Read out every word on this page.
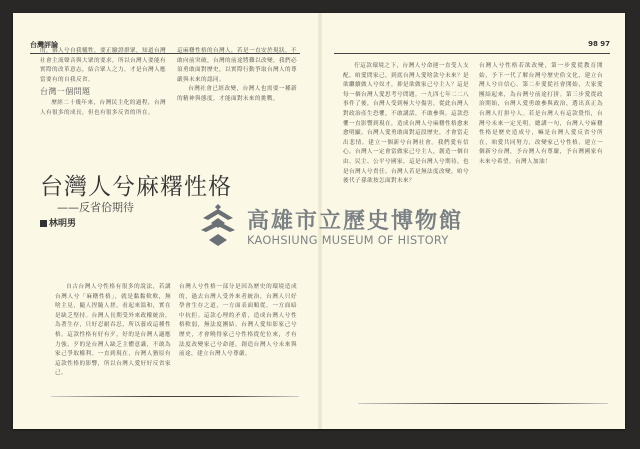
台灣評論

的，個人兮自我犧牲，要正驗證群眾，知道台灣社會主流聲音與大眾的要求，所以台灣人要能有實際的改革意志，結合眾人之力，才是台灣人應當要有的自我反省。

台灣一個問題

歷經二十幾年來，台灣民主化的過程，台灣人有很多的成長，但也有很多反省的所在。

這麻糬性格的台灣人，若是一直安於現狀，不敢向前突破，台灣的前途將難以改變，我們必須勇敢面對歷史，以實際行動爭取台灣人的尊嚴與未來的認同。

台灣社會已經改變，台灣人也需要一種新的精神與態度，才能面對未來的挑戰。

台灣人兮麻糬性格
——反省佮期待
林明男

自古台灣人兮性格有很多的說法，若講台灣人兮「麻糬性格」，就是黏黏軟軟，無啥主見，隨人捏隨人搓，看起來溫和，實在是缺乏堅持。台灣人長期受外來政權統治，為著生存，只好忍耐吞忍，所以養成這種性格。這款性格有好有歹，好的是台灣人適應力強，歹的是台灣人缺乏主體意識，不敢為家己爭取權利。一直到現在，台灣人猶原有這款性格的影響，所以台灣人愛好好反省家己。

台灣人兮性格一部分是因為歷史的環境造成的，過去台灣人受外來者統治，台灣人只好學會生存之道，一方面表面順從，一方面暗中抗拒。這款心理的矛盾，造成台灣人兮性格軟弱，無法度團結。台灣人愛知影家己兮歷史，才會曉得家己兮性格從佗位來，才有法度改變家己兮命運，創造台灣人兮未來與前途，建立台灣人兮尊嚴。

98 97

佇這款環境之下，台灣人兮命運一直受人支配，咱愛問家己，到底台灣人愛啥款兮未來？是欲繼續做人兮奴才，抑是欲做家己兮主人？這是每一個台灣人愛思考兮問題。一九四七年二二八事件了後，台灣人受到極大兮傷害，從此台灣人對政治產生恐懼，不敢講話，不敢參與。這款恐懼一直影響到現在，造成台灣人兮麻糬性格愈來愈明顯。台灣人愛勇敢面對這段歷史，才會當走出悲情，建立一個新兮台灣社會。我們愛有信心，台灣人一定會當做家己兮主人，創造一個自由、民主、公平兮國家，這是台灣人兮期待，也是台灣人兮責任。台灣人若是無法度改變，咱兮後代子孫欲按怎面對未來？

台灣人兮性格若欲改變，第一步愛從教育開始，予下一代了解台灣兮歷史佮文化，建立台灣人兮自信心。第二步愛從社會開始，大家愛團結起來，為台灣兮前途打拼。第三步愛從政治開始，台灣人愛勇敢參與政治，選出真正為台灣人打拼兮人。若是台灣人有這款覺悟，台灣兮未來一定光明。總講一句，台灣人兮麻糬性格是歷史造成兮，嘛是台灣人愛反省兮所在，咱愛共同努力，改變家己兮性格，建立一個新兮台灣，予台灣人有尊嚴，予台灣國家有未來兮希望。台灣人加油！

高雄市立歷史博物館
KAOHSIUNG MUSEUM OF HISTORY
